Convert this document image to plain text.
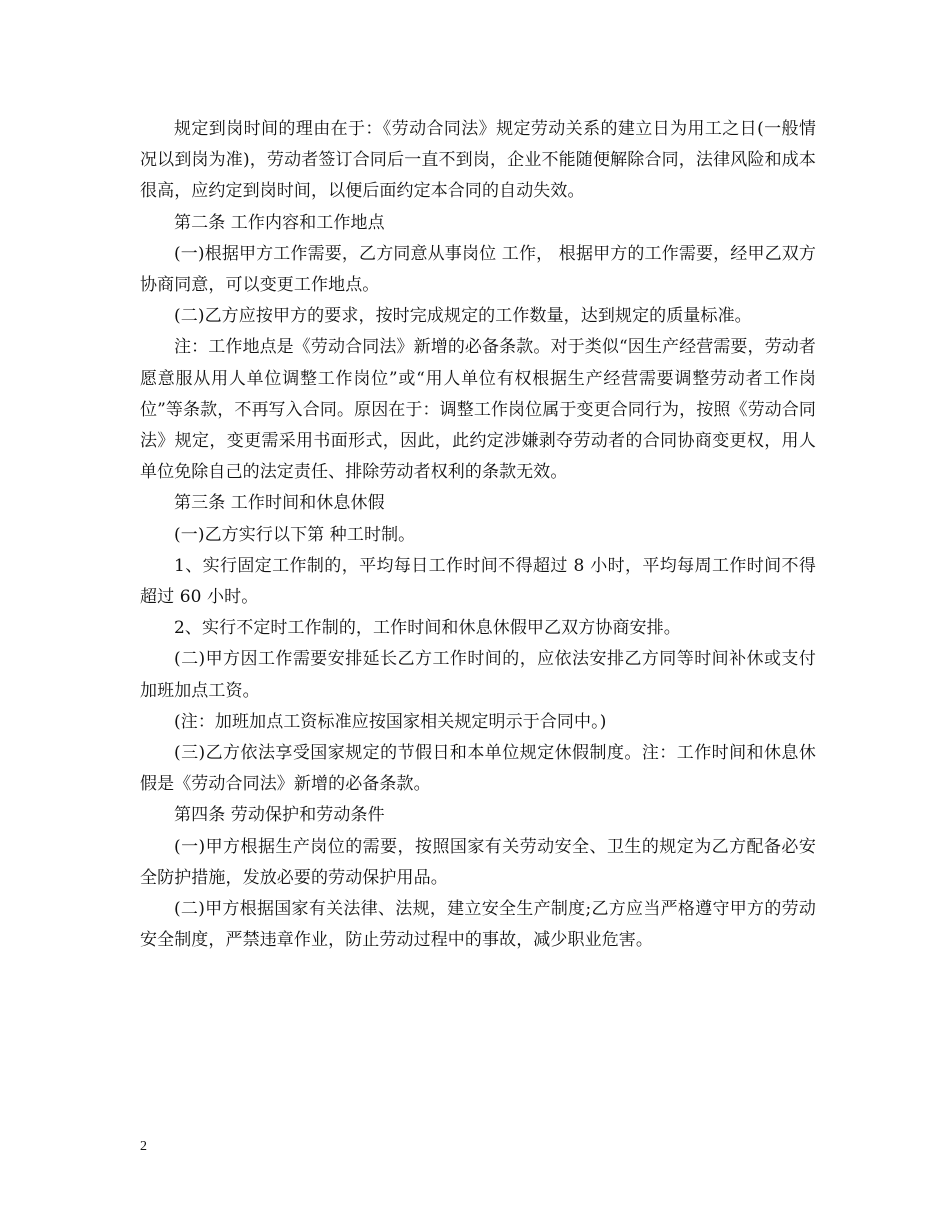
规定到岗时间的理由在于：《劳动合同法》规定劳动关系的建立日为用工之日(一般情况以到岗为准)，劳动者签订合同后一直不到岗，企业不能随便解除合同，法律风险和成本很高，应约定到岗时间，以便后面约定本合同的自动失效。

第二条 工作内容和工作地点

(一)根据甲方工作需要，乙方同意从事岗位 工作， 根据甲方的工作需要，经甲乙双方协商同意，可以变更工作地点。

(二)乙方应按甲方的要求，按时完成规定的工作数量，达到规定的质量标准。

注：工作地点是《劳动合同法》新增的必备条款。对于类似“因生产经营需要，劳动者愿意服从用人单位调整工作岗位”或“用人单位有权根据生产经营需要调整劳动者工作岗位”等条款，不再写入合同。原因在于：调整工作岗位属于变更合同行为，按照《劳动合同法》规定，变更需采用书面形式，因此，此约定涉嫌剥夺劳动者的合同协商变更权，用人单位免除自己的法定责任、排除劳动者权利的条款无效。

第三条 工作时间和休息休假

(一)乙方实行以下第 种工时制。

1、实行固定工作制的，平均每日工作时间不得超过 8 小时，平均每周工作时间不得超过 60 小时。

2、实行不定时工作制的，工作时间和休息休假甲乙双方协商安排。

(二)甲方因工作需要安排延长乙方工作时间的，应依法安排乙方同等时间补休或支付加班加点工资。

(注：加班加点工资标准应按国家相关规定明示于合同中。)

(三)乙方依法享受国家规定的节假日和本单位规定休假制度。注：工作时间和休息休假是《劳动合同法》新增的必备条款。

第四条 劳动保护和劳动条件

(一)甲方根据生产岗位的需要，按照国家有关劳动安全、卫生的规定为乙方配备必安全防护措施，发放必要的劳动保护用品。

(二)甲方根据国家有关法律、法规，建立安全生产制度;乙方应当严格遵守甲方的劳动安全制度，严禁违章作业，防止劳动过程中的事故，减少职业危害。

2
